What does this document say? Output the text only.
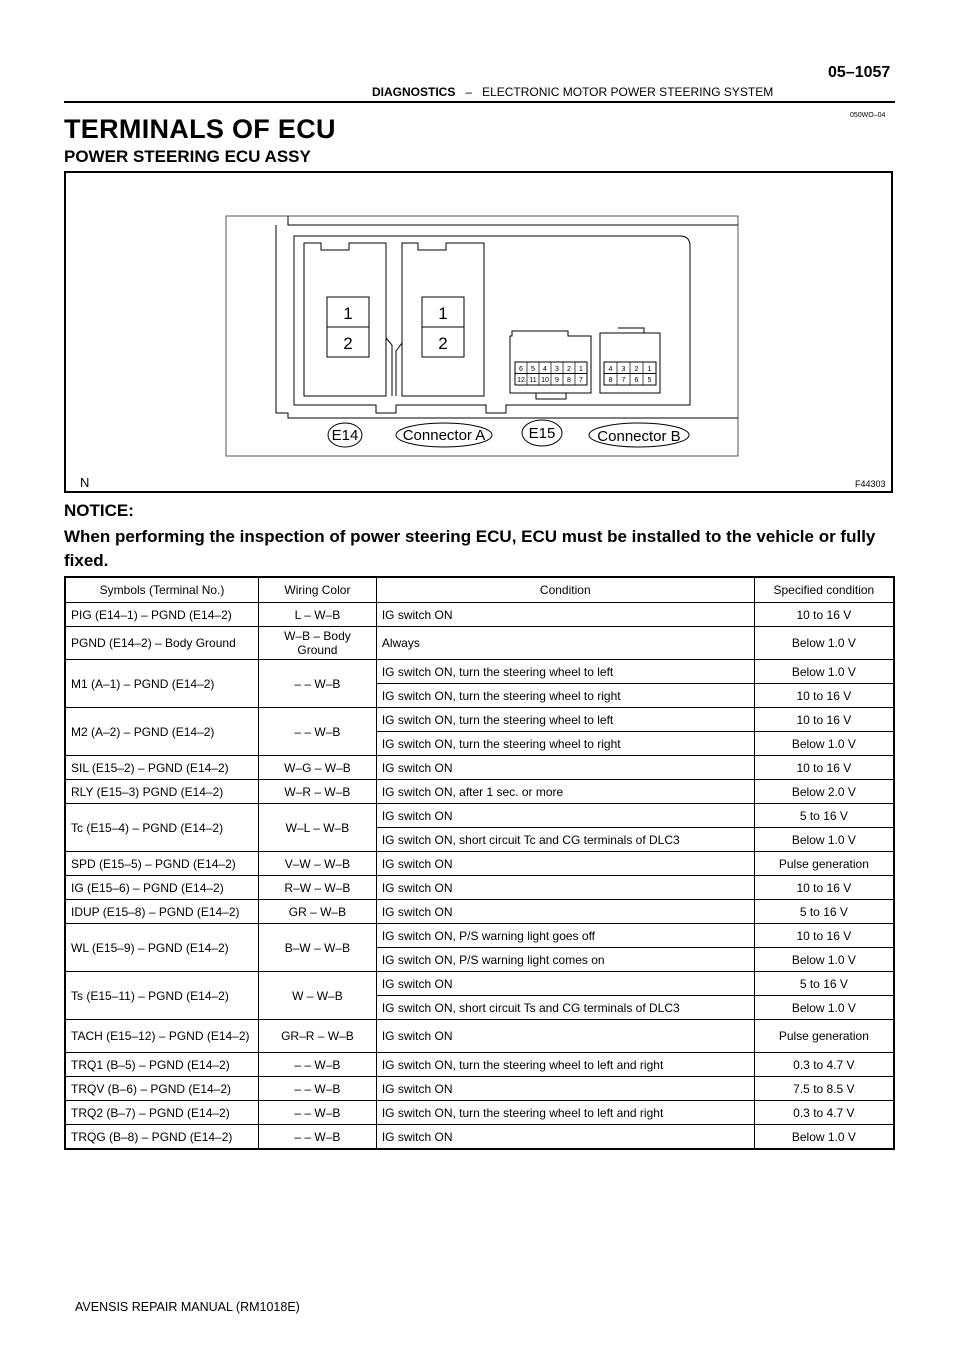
05–1057
DIAGNOSTICS – ELECTRONIC MOTOR POWER STEERING SYSTEM
050WO–04
TERMINALS OF ECU
POWER STEERING ECU ASSY
1
2
1
2
6 5 4 3 2 1
12 11 10 9 8 7
4 3 2 1
8 7 6 5
E14	Connector A	E15	Connector B
N	F44303
NOTICE:
When performing the inspection of power steering ECU, ECU must be installed to the vehicle or fully fixed.
Symbols (Terminal No.)	Wiring Color	Condition	Specified condition
PIG (E14–1) – PGND (E14–2)	L – W–B	IG switch ON	10 to 16 V
PGND (E14–2) – Body Ground	W–B – Body Ground	Always	Below 1.0 V
M1 (A–1) – PGND (E14–2)	– – W–B	IG switch ON, turn the steering wheel to left	Below 1.0 V
		IG switch ON, turn the steering wheel to right	10 to 16 V
M2 (A–2) – PGND (E14–2)	– – W–B	IG switch ON, turn the steering wheel to left	10 to 16 V
		IG switch ON, turn the steering wheel to right	Below 1.0 V
SIL (E15–2) – PGND (E14–2)	W–G – W–B	IG switch ON	10 to 16 V
RLY (E15–3) PGND (E14–2)	W–R – W–B	IG switch ON, after 1 sec. or more	Below 2.0 V
Tc (E15–4) – PGND (E14–2)	W–L – W–B	IG switch ON	5 to 16 V
		IG switch ON, short circuit Tc and CG terminals of DLC3	Below 1.0 V
SPD (E15–5) – PGND (E14–2)	V–W – W–B	IG switch ON	Pulse generation
IG (E15–6) – PGND (E14–2)	R–W – W–B	IG switch ON	10 to 16 V
IDUP (E15–8) – PGND (E14–2)	GR – W–B	IG switch ON	5 to 16 V
WL (E15–9) – PGND (E14–2)	B–W – W–B	IG switch ON, P/S warning light goes off	10 to 16 V
		IG switch ON, P/S warning light comes on	Below 1.0 V
Ts (E15–11) – PGND (E14–2)	W – W–B	IG switch ON	5 to 16 V
		IG switch ON, short circuit Ts and CG terminals of DLC3	Below 1.0 V
TACH (E15–12) – PGND (E14–2)	GR–R – W–B	IG switch ON	Pulse generation
TRQ1 (B–5) – PGND (E14–2)	– – W–B	IG switch ON, turn the steering wheel to left and right	0.3 to 4.7 V
TRQV (B–6) – PGND (E14–2)	– – W–B	IG switch ON	7.5 to 8.5 V
TRQ2 (B–7) – PGND (E14–2)	– – W–B	IG switch ON, turn the steering wheel to left and right	0.3 to 4.7 V
TRQG (B–8) – PGND (E14–2)	– – W–B	IG switch ON	Below 1.0 V
AVENSIS REPAIR MANUAL (RM1018E)
